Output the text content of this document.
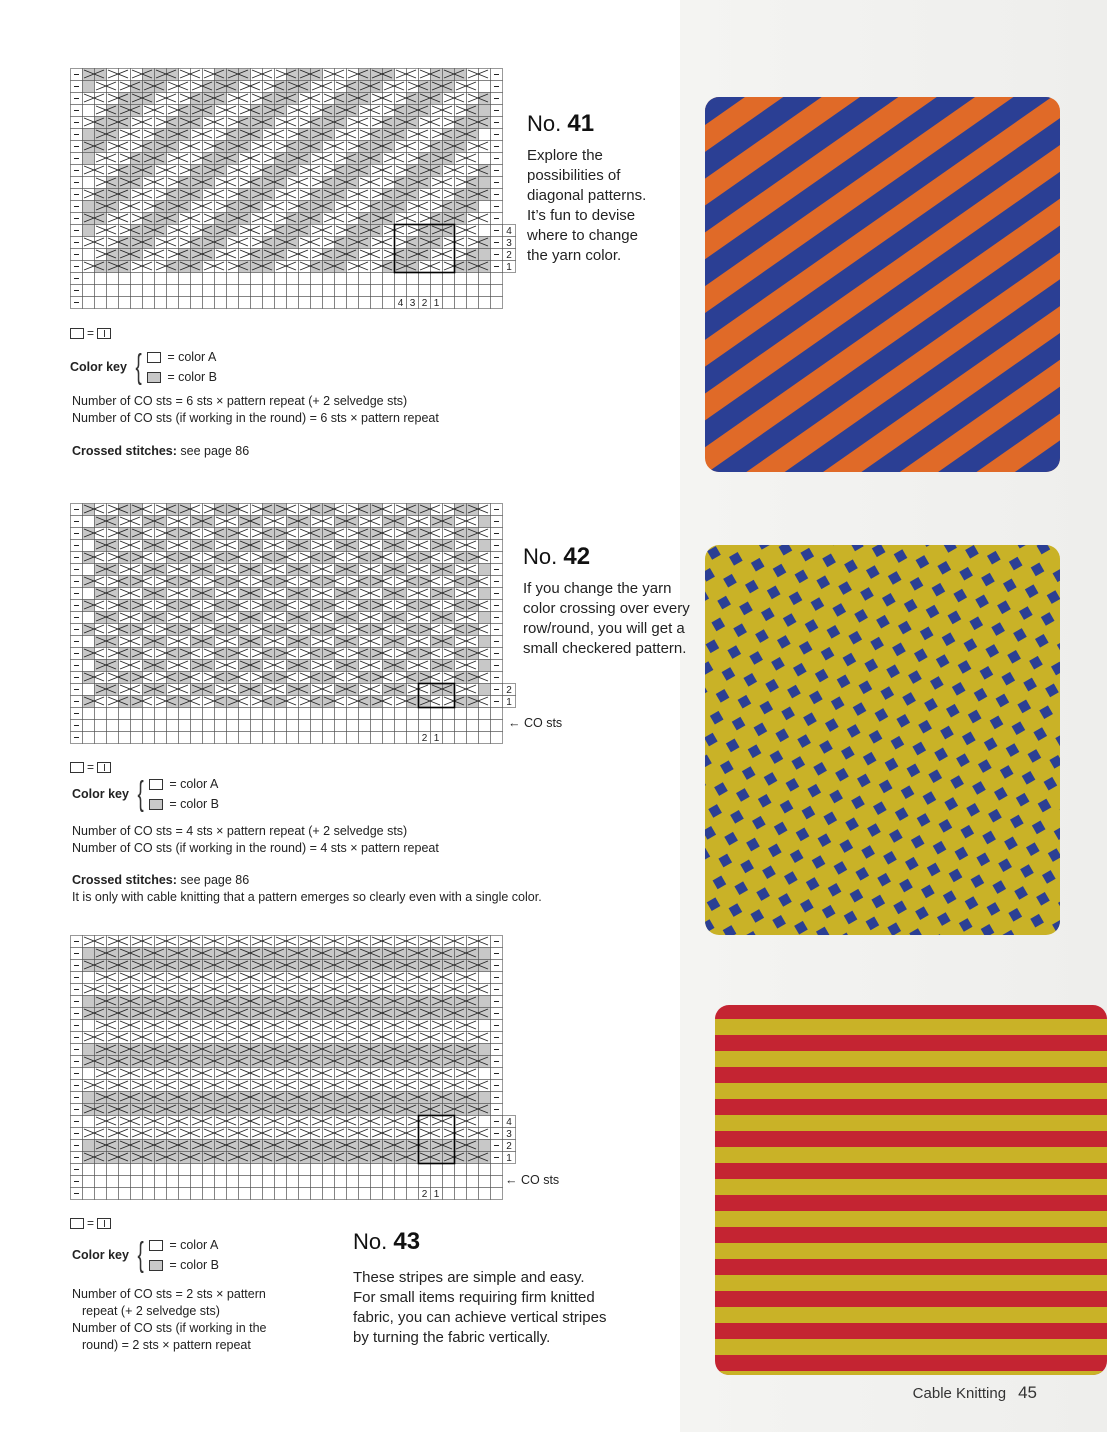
4
3
2
1
4 3 2 1
=
Color key { = color A
= color B
Number of CO sts = 6 sts × pattern repeat (+ 2 selvedge sts)
Number of CO sts (if working in the round) = 6 sts × pattern repeat
Crossed stitches: see page 86
No. 41
Explore the
possibilities of
diagonal patterns.
It’s fun to devise
where to change
the yarn color.
2
1
2 1
← CO sts
=
Color key { = color A
= color B
Number of CO sts = 4 sts × pattern repeat (+ 2 selvedge sts)
Number of CO sts (if working in the round) = 4 sts × pattern repeat
Crossed stitches: see page 86
It is only with cable knitting that a pattern emerges so clearly even with a single color.
No. 42
If you change the yarn
color crossing over every
row/round, you will get a
small checkered pattern.
4
3
2
1
2 1
← CO sts
=
Color key { = color A
= color B
Number of CO sts = 2 sts × pattern
repeat (+ 2 selvedge sts)
Number of CO sts (if working in the
round) = 2 sts × pattern repeat
No. 43
These stripes are simple and easy.
For small items requiring firm knitted
fabric, you can achieve vertical stripes
by turning the fabric vertically.
Cable Knitting 45
